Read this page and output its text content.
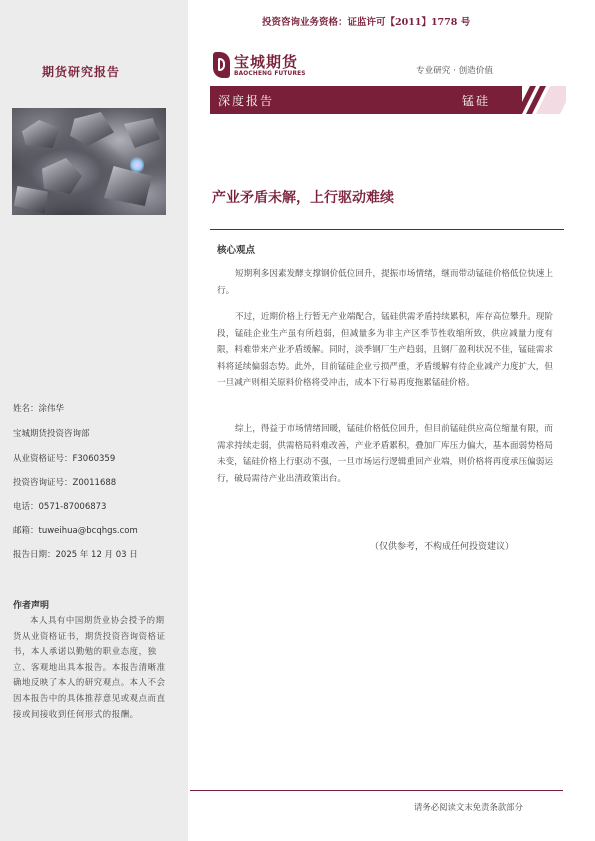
期货研究报告
姓名：涂伟华
宝城期货投资咨询部
从业资格证号：F3060359
投资咨询证号：Z0011688
电话：0571-87006873
邮箱：tuweihua@bcqhgs.com
报告日期：2025 年 12 月 03 日
作者声明
本人具有中国期货业协会授予的期货从业资格证书，期货投资咨询资格证书，本人承诺以勤勉的职业态度，独立、客观地出具本报告。本报告清晰准确地反映了本人的研究观点。本人不会因本报告中的具体推荐意见或观点而直接或间接收到任何形式的报酬。
投资咨询业务资格：证监许可【2011】1778 号
宝城期货
BAOCHENG FUTURES	专业研究 · 创造价值
深度报告	锰硅
产业矛盾未解，上行驱动难续
核心观点
短期利多因素发酵支撑钢价低位回升，提振市场情绪，继而带动锰硅价格低位快速上行。
不过，近期价格上行暂无产业端配合，锰硅供需矛盾持续累积，库存高位攀升。现阶段，锰硅企业生产虽有所趋弱，但减量多为非主产区季节性收缩所致，供应减量力度有限，料难带来产业矛盾缓解。同时，淡季钢厂生产趋弱，且钢厂盈利状况不佳，锰硅需求料将延续偏弱态势。此外，目前锰硅企业亏损严重，矛盾缓解有待企业减产力度扩大，但一旦减产则相关原料价格将受冲击，成本下行易再度拖累锰硅价格。
综上，得益于市场情绪回暖，锰硅价格低位回升，但目前锰硅供应高位缩量有限，而需求持续走弱，供需格局料难改善，产业矛盾累积，叠加厂库压力偏大，基本面弱势格局未变，锰硅价格上行驱动不强，一旦市场运行逻辑重回产业端，则价格将再度承压偏弱运行，破局需待产业出清政策出台。
（仅供参考，不构成任何投资建议）
请务必阅读文末免责条款部分
